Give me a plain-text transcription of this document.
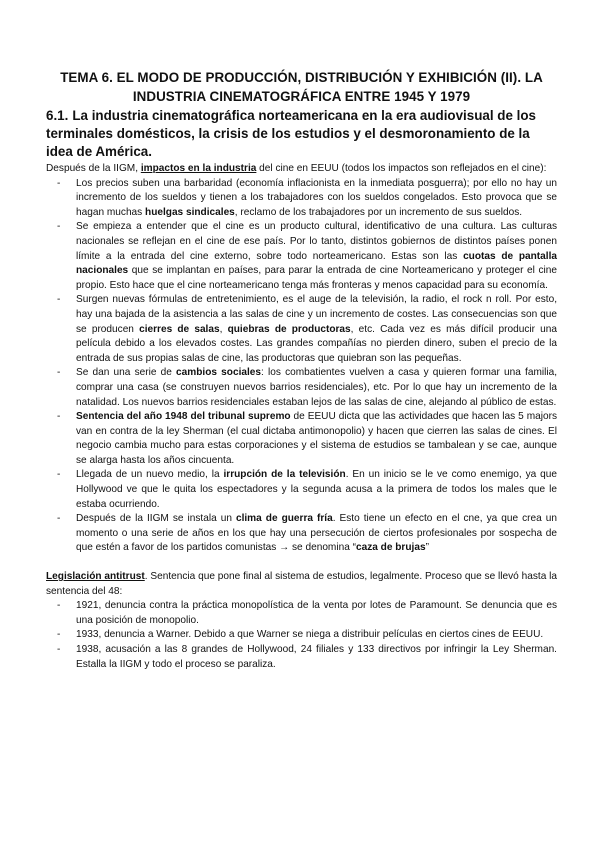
TEMA 6. EL MODO DE PRODUCCIÓN, DISTRIBUCIÓN Y EXHIBICIÓN (II). LA INDUSTRIA CINEMATOGRÁFICA ENTRE 1945 Y 1979
6.1. La industria cinematográfica norteamericana en la era audiovisual de los terminales domésticos, la crisis de los estudios y el desmoronamiento de la idea de América.

Después de la IIGM, impactos en la industria del cine en EEUU (todos los impactos son reflejados en el cine):

- Los precios suben una barbaridad (economía inflacionista en la inmediata posguerra); por ello no hay un incremento de los sueldos y tienen a los trabajadores con los sueldos congelados. Esto provoca que se hagan muchas huelgas sindicales, reclamo de los trabajadores por un incremento de sus sueldos.
- Se empieza a entender que el cine es un producto cultural, identificativo de una cultura. Las culturas nacionales se reflejan en el cine de ese país. Por lo tanto, distintos gobiernos de distintos países ponen límite a la entrada del cine externo, sobre todo norteamericano. Estas son las cuotas de pantalla nacionales que se implantan en países, para parar la entrada de cine Norteamericano y proteger el cine propio. Esto hace que el cine norteamericano tenga más fronteras y menos capacidad para su economía.
- Surgen nuevas fórmulas de entretenimiento, es el auge de la televisión, la radio, el rock n roll. Por esto, hay una bajada de la asistencia a las salas de cine y un incremento de costes. Las consecuencias son que se producen cierres de salas, quiebras de productoras, etc. Cada vez es más difícil producir una película debido a los elevados costes. Las grandes compañías no pierden dinero, suben el precio de la entrada de sus propias salas de cine, las productoras que quiebran son las pequeñas.
- Se dan una serie de cambios sociales: los combatientes vuelven a casa y quieren formar una familia, comprar una casa (se construyen nuevos barrios residenciales), etc. Por lo que hay un incremento de la natalidad. Los nuevos barrios residenciales estaban lejos de las salas de cine, alejando al público de estas.
- Sentencia del año 1948 del tribunal supremo de EEUU dicta que las actividades que hacen las 5 majors van en contra de la ley Sherman (el cual dictaba antimonopolio) y hacen que cierren las salas de cines. El negocio cambia mucho para estas corporaciones y el sistema de estudios se tambalean y se cae, aunque se alarga hasta los años cincuenta.
- Llegada de un nuevo medio, la irrupción de la televisión. En un inicio se le ve como enemigo, ya que Hollywood ve que le quita los espectadores y la segunda acusa a la primera de todos los males que le estaba ocurriendo.
- Después de la IIGM se instala un clima de guerra fría. Esto tiene un efecto en el cne, ya que crea un momento o una serie de años en los que hay una persecución de ciertos profesionales por sospecha de que estén a favor de los partidos comunistas → se denomina “caza de brujas”

Legislación antitrust. Sentencia que pone final al sistema de estudios, legalmente. Proceso que se llevó hasta la sentencia del 48:

- 1921, denuncia contra la práctica monopolística de la venta por lotes de Paramount. Se denuncia que es una posición de monopolio.
- 1933, denuncia a Warner. Debido a que Warner se niega a distribuir películas en ciertos cines de EEUU.
- 1938, acusación a las 8 grandes de Hollywood, 24 filiales y 133 directivos por infringir la Ley Sherman. Estalla la IIGM y todo el proceso se paraliza.
